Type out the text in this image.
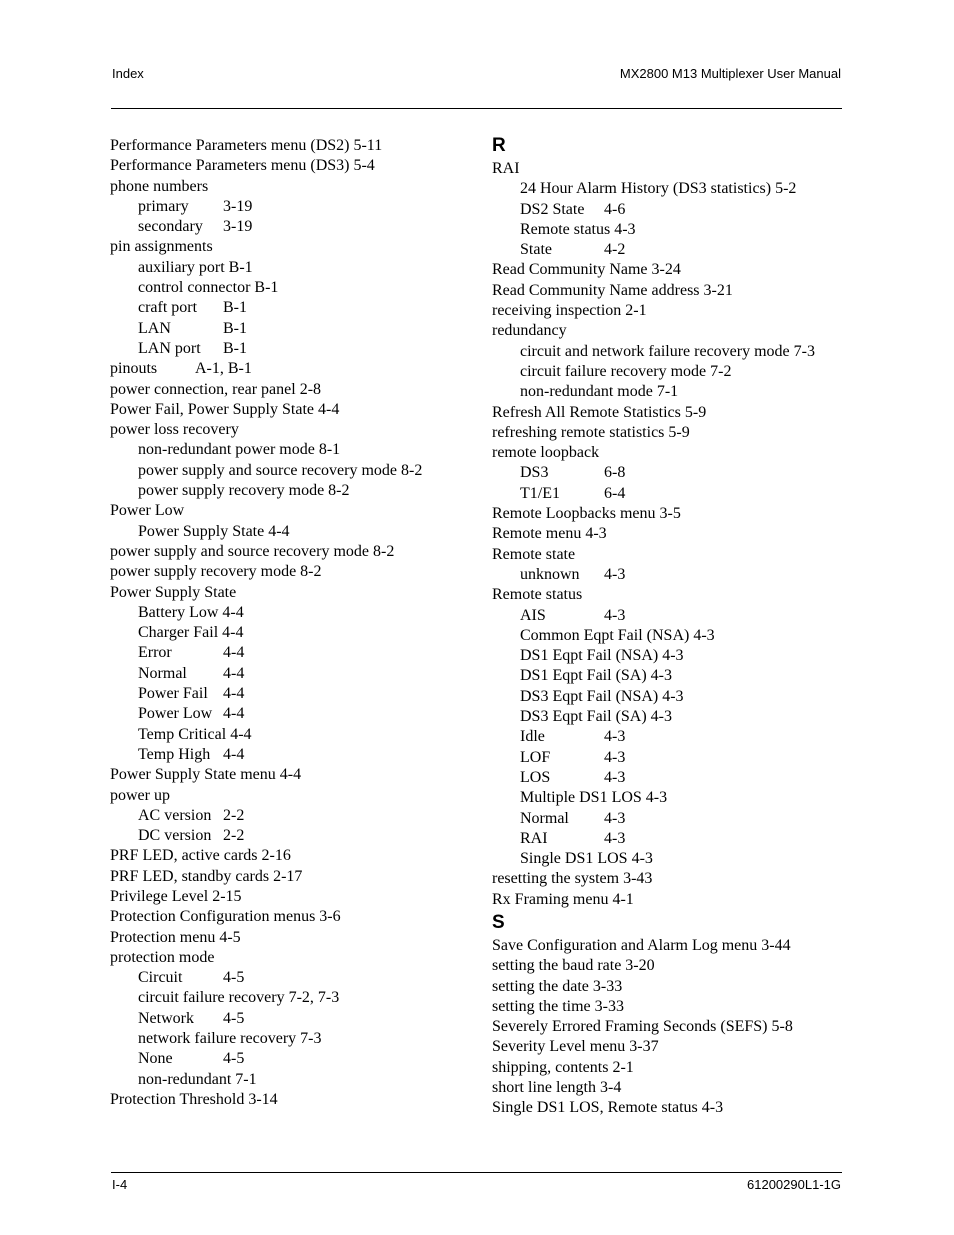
Index	MX2800 M13 Multiplexer User Manual
Performance Parameters menu (DS2) 5-11
Performance Parameters menu (DS3) 5-4
phone numbers
primary 3-19
secondary 3-19
pin assignments
auxiliary port B-1
control connector B-1
craft port B-1
LAN	B-1
LAN port B-1
pinouts A-1, B-1
power connection, rear panel 2-8
Power Fail, Power Supply State 4-4
power loss recovery
non-redundant power mode 8-1
power supply and source recovery mode 8-2
power supply recovery mode 8-2
Power Low
Power Supply State 4-4
power supply and source recovery mode 8-2
power supply recovery mode 8-2
Power Supply State
Battery Low 4-4
Charger Fail 4-4
Error	4-4
Normal 4-4
Power Fail 4-4
Power Low 4-4
Temp Critical 4-4
Temp High 4-4
Power Supply State menu 4-4
power up
AC version 2-2
DC version 2-2
PRF LED, active cards 2-16
PRF LED, standby cards 2-17
Privilege Level 2-15
Protection Configuration menus 3-6
Protection menu 4-5
protection mode
Circuit	4-5
circuit failure recovery 7-2, 7-3
Network 4-5
network failure recovery 7-3
None	4-5
non-redundant 7-1
Protection Threshold 3-14
R
RAI
24 Hour Alarm History (DS3 statistics) 5-2
DS2 State 4-6
Remote status 4-3
State	4-2
Read Community Name 3-24
Read Community Name address 3-21
receiving inspection 2-1
redundancy
circuit and network failure recovery mode 7-3
circuit failure recovery mode 7-2
non-redundant mode 7-1
Refresh All Remote Statistics 5-9
refreshing remote statistics 5-9
remote loopback
DS3	6-8
T1/E1	6-4
Remote Loopbacks menu 3-5
Remote menu 4-3
Remote state
unknown 4-3
Remote status
AIS	4-3
Common Eqpt Fail (NSA) 4-3
DS1 Eqpt Fail (NSA) 4-3
DS1 Eqpt Fail (SA) 4-3
DS3 Eqpt Fail (NSA) 4-3
DS3 Eqpt Fail (SA) 4-3
Idle	4-3
LOF	4-3
LOS	4-3
Multiple DS1 LOS 4-3
Normal 4-3
RAI	4-3
Single DS1 LOS 4-3
resetting the system 3-43
Rx Framing menu 4-1
S
Save Configuration and Alarm Log menu 3-44
setting the baud rate 3-20
setting the date 3-33
setting the time 3-33
Severely Errored Framing Seconds (SEFS) 5-8
Severity Level menu 3-37
shipping, contents 2-1
short line length 3-4
Single DS1 LOS, Remote status 4-3
I-4	61200290L1-1G
